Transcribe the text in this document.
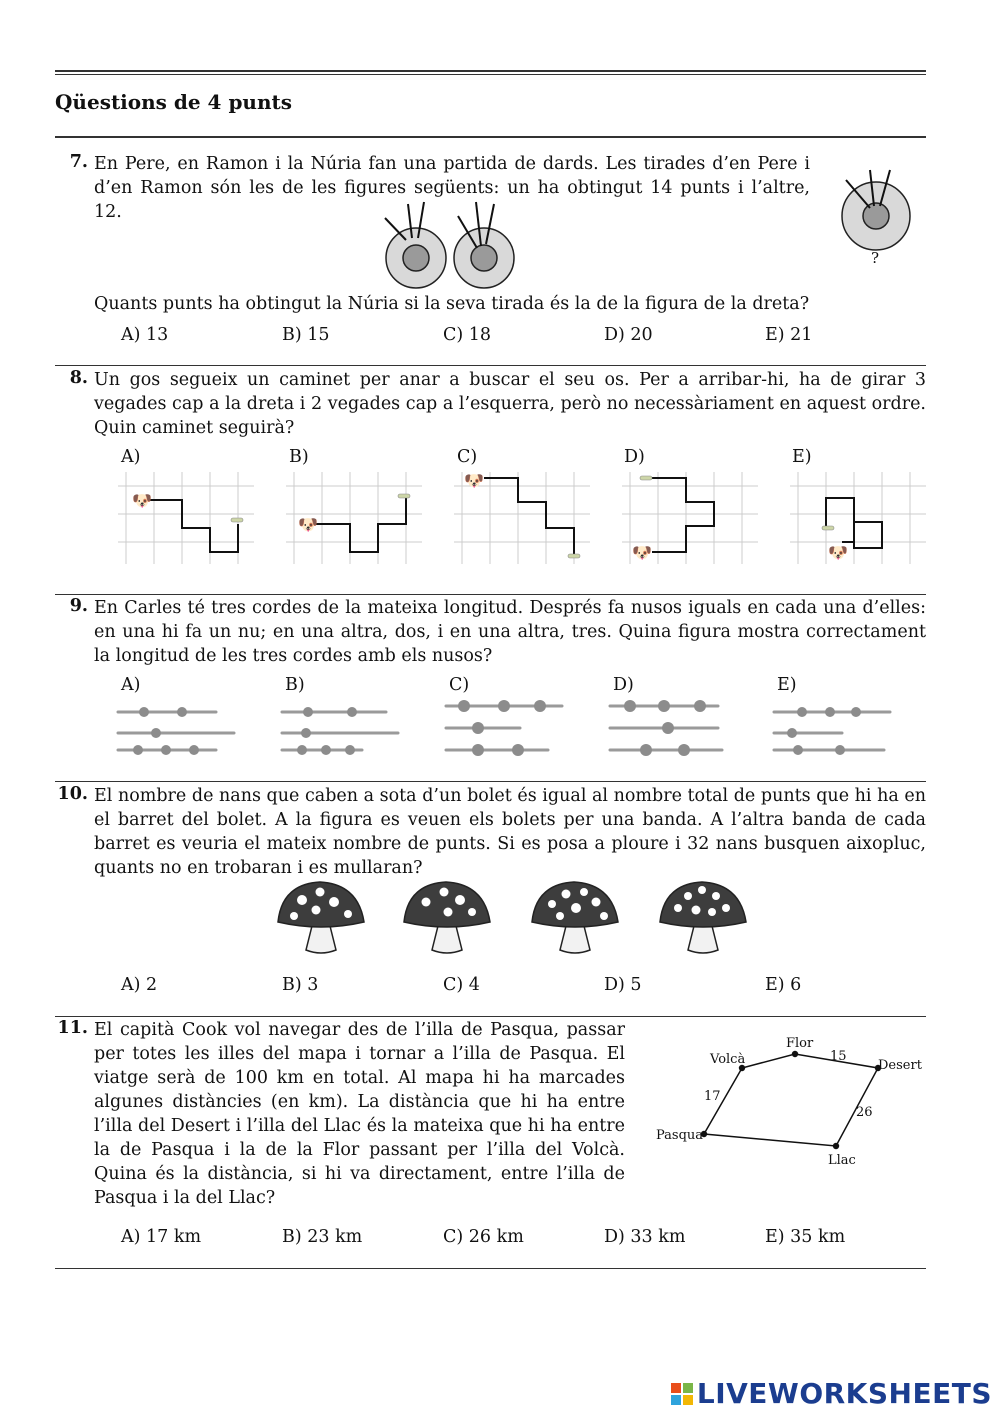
Qüestions de 4 punts
7. En Pere, en Ramon i la Núria fan una partida de dards. Les tirades d’en Pere i d’en Ramon són les de les figures següents: un ha obtingut 14 punts i l’altre, 12.
?
Quants punts ha obtingut la Núria si la seva tirada és la de la figura de la dreta?
A) 13	B) 15	C) 18	D) 20	E) 21
8. Un gos segueix un caminet per anar a buscar el seu os. Per a arribar-hi, ha de girar 3 vegades cap a la dreta i 2 vegades cap a l’esquerra, però no necessàriament en aquest ordre. Quin caminet seguirà?
A)	B)	C)	D)	E)
🐶
🐶
🐶
🐶	🐶
9. En Carles té tres cordes de la mateixa longitud. Després fa nusos iguals en cada una d’elles: en una hi fa un nu; en una altra, dos, i en una altra, tres. Quina figura mostra correctament la longitud de les tres cordes amb els nusos?
A)	B)	C)	D)	E)
10. El nombre de nans que caben a sota d’un bolet és igual al nombre total de punts que hi ha en el barret del bolet. A la figura es veuen els bolets per una banda. A l’altra banda de cada barret es veuria el mateix nombre de punts. Si es posa a ploure i 32 nans busquen aixopluc, quants no en trobaran i es mullaran?
A) 2	B) 3	C) 4	D) 5	E) 6
11. El capità Cook vol navegar des de l’illa de Pasqua, passar per totes les illes del mapa i tornar a l’illa de Pasqua. El viatge serà de 100 km en total. Al mapa hi ha marcades algunes distàncies (en km). La distància que hi ha entre l’illa del Desert i l’illa del Llac és la mateixa que hi ha entre la de Pasqua i la de la Flor passant per l’illa del Volcà. Quina és la distància, si hi va directament, entre l’illa de Pasqua i la del Llac?
Volcà
Flor
Desert
Pasqua
Llac
15
17
26
A) 17 km	B) 23 km	C) 26 km	D) 33 km	E) 35 km
LIVEWORKSHEETS
